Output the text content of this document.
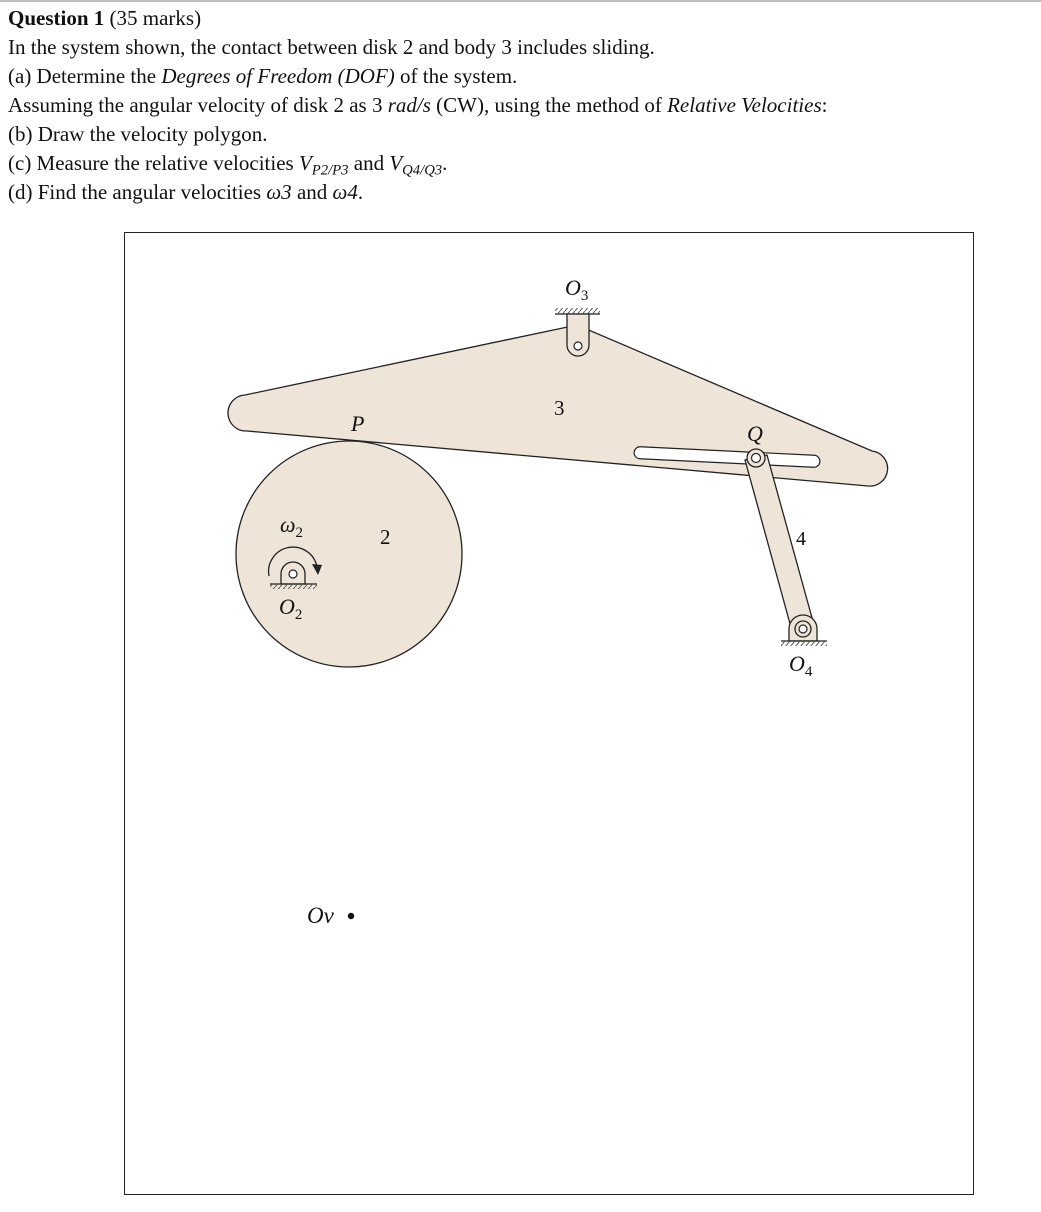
Question 1 (35 marks)
In the system shown, the contact between disk 2 and body 3 includes sliding.
(a) Determine the Degrees of Freedom (DOF) of the system.
Assuming the angular velocity of disk 2 as 3 rad/s (CW), using the method of Relative Velocities:
(b) Draw the velocity polygon.
(c) Measure the relative velocities $V_{P2/P3}$ and $V_{Q4/Q3}$.
(d) Find the angular velocities ω3 and ω4.
$O_3$
3
P	Q
$\omega_2$	2	4
$O_2$
$O_4$
Ov
